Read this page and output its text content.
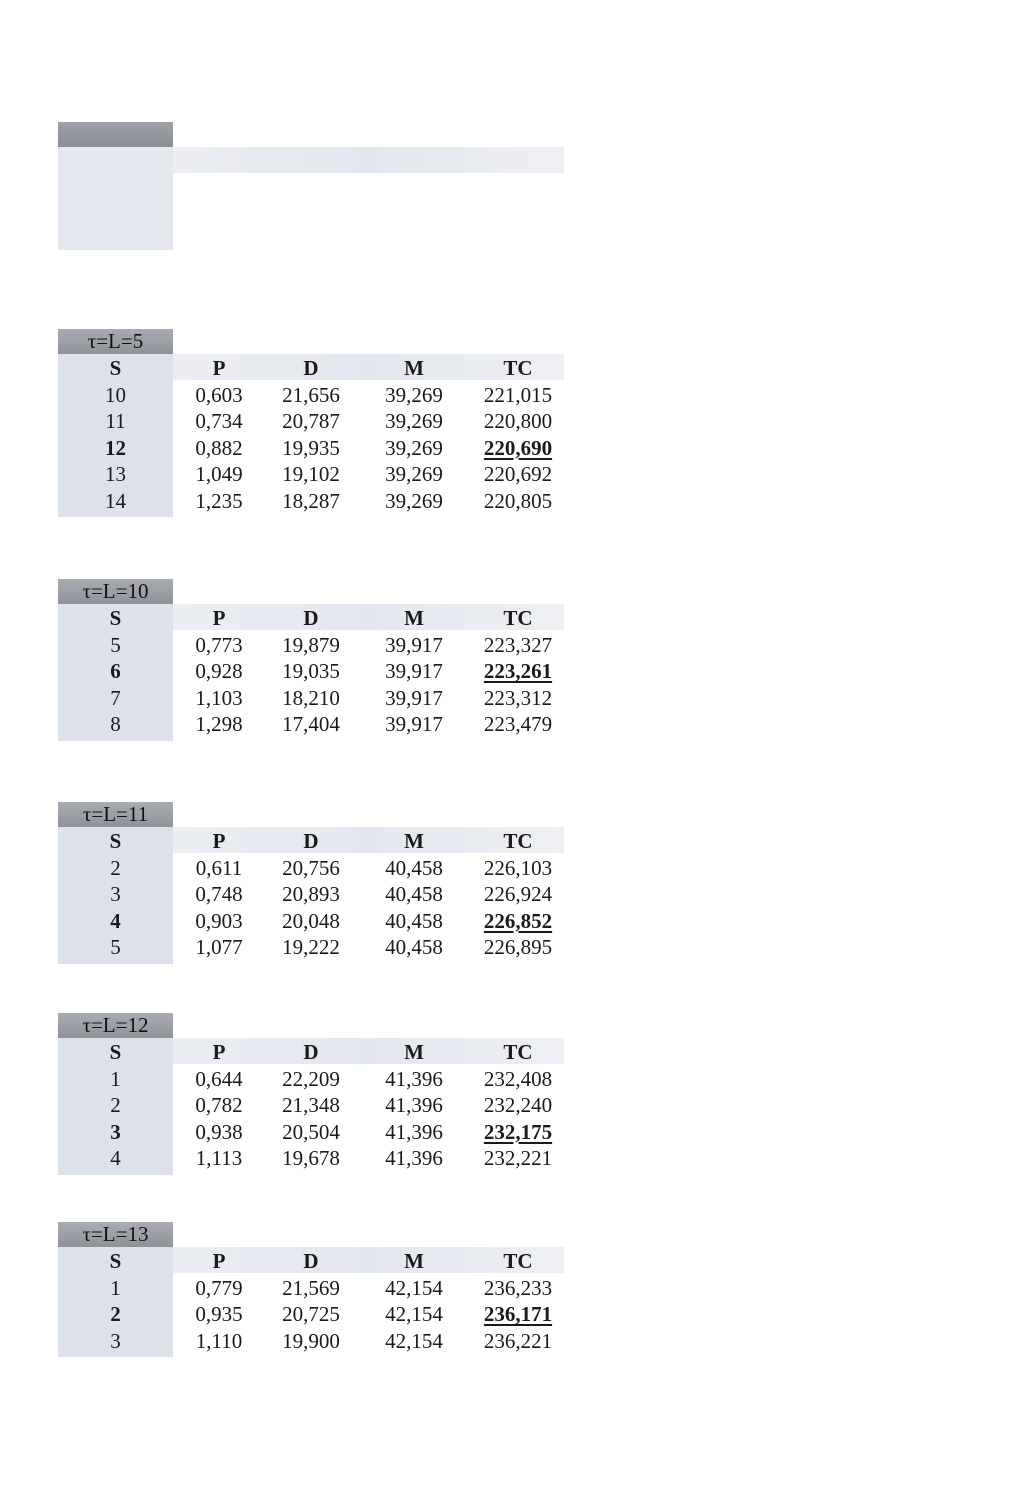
τ=L=5
S	P	D	M	TC
10	0,603	21,656	39,269	221,015
11	0,734	20,787	39,269	220,800
12	0,882	19,935	39,269	220,690
13	1,049	19,102	39,269	220,692
14	1,235	18,287	39,269	220,805
τ=L=10
S	P	D	M	TC
5	0,773	19,879	39,917	223,327
6	0,928	19,035	39,917	223,261
7	1,103	18,210	39,917	223,312
8	1,298	17,404	39,917	223,479
τ=L=11
S	P	D	M	TC
2	0,611	20,756	40,458	226,103
3	0,748	20,893	40,458	226,924
4	0,903	20,048	40,458	226,852
5	1,077	19,222	40,458	226,895
τ=L=12
S	P	D	M	TC
1	0,644	22,209	41,396	232,408
2	0,782	21,348	41,396	232,240
3	0,938	20,504	41,396	232,175
4	1,113	19,678	41,396	232,221
τ=L=13
S	P	D	M	TC
1	0,779	21,569	42,154	236,233
2	0,935	20,725	42,154	236,171
3	1,110	19,900	42,154	236,221
